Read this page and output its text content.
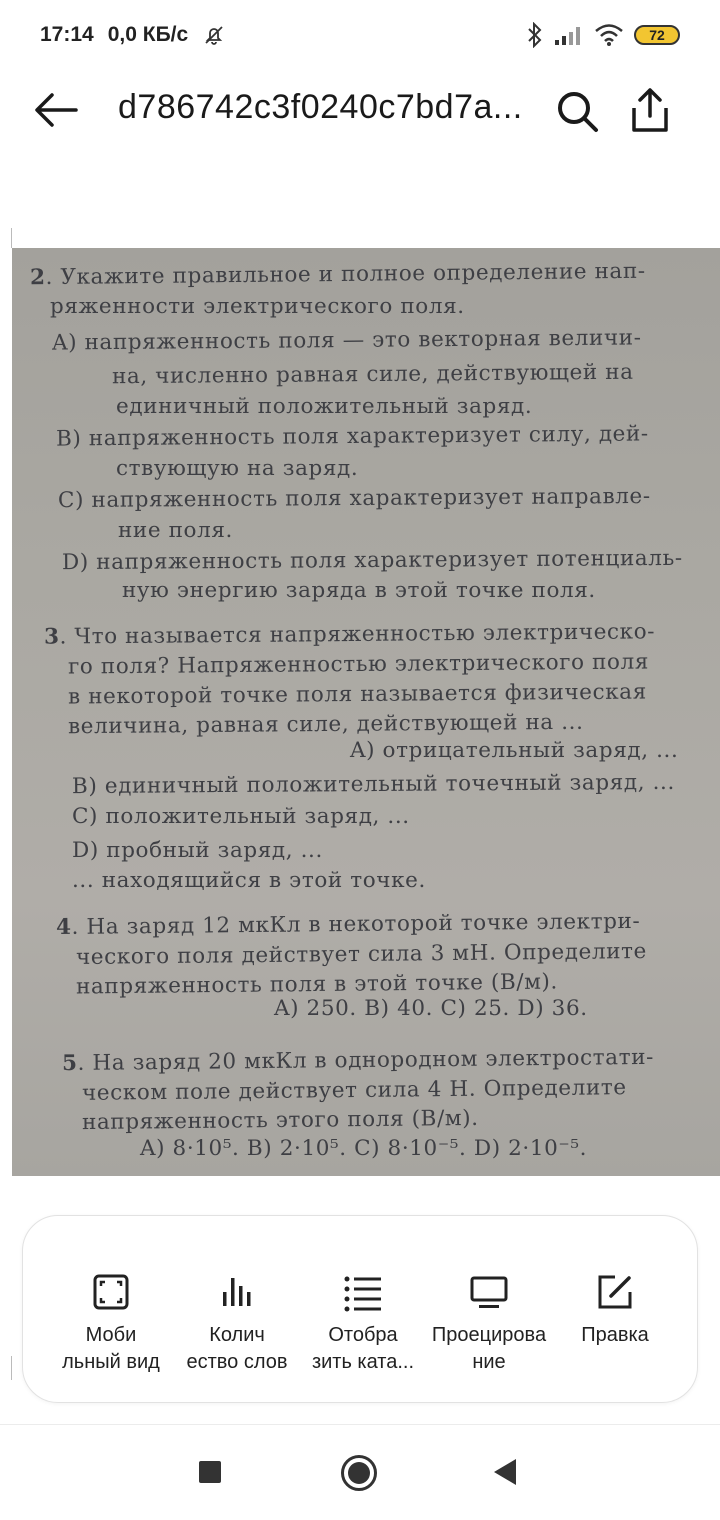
17:14 0,0 КБ/с	72
d786742c3f0240c7bd7a...
2. Укажите правильное и полное определение нап-
ряженности электрического поля.
A) напряженность поля — это векторная величи-
на, численно равная силе, действующей на
единичный положительный заряд.
B) напряженность поля характеризует силу, дей-
ствующую на заряд.
C) напряженность поля характеризует направле-
ние поля.
D) напряженность поля характеризует потенциаль-
ную энергию заряда в этой точке поля.
3. Что называется напряженностью электрическо-
го поля? Напряженностью электрического поля
в некоторой точке поля называется физическая
величина, равная силе, действующей на ...
A) отрицательный заряд, ...
B) единичный положительный точечный заряд, ...
C) положительный заряд, ...
D) пробный заряд, ...
... находящийся в этой точке.
4. На заряд 12 мкКл в некоторой точке электри-
ческого поля действует сила 3 мН. Определите
напряженность поля в этой точке (В/м).
A) 250. B) 40. C) 25. D) 36.
5. На заряд 20 мкКл в однородном электростати-
ческом поле действует сила 4 Н. Определите
напряженность этого поля (В/м).
A) 8·10⁵. B) 2·10⁵. C) 8·10⁻⁵. D) 2·10⁻⁵.
Моби
льный вид
Колич
ество слов
Отобра
зить ката...
Проецирова
ние
Правка
